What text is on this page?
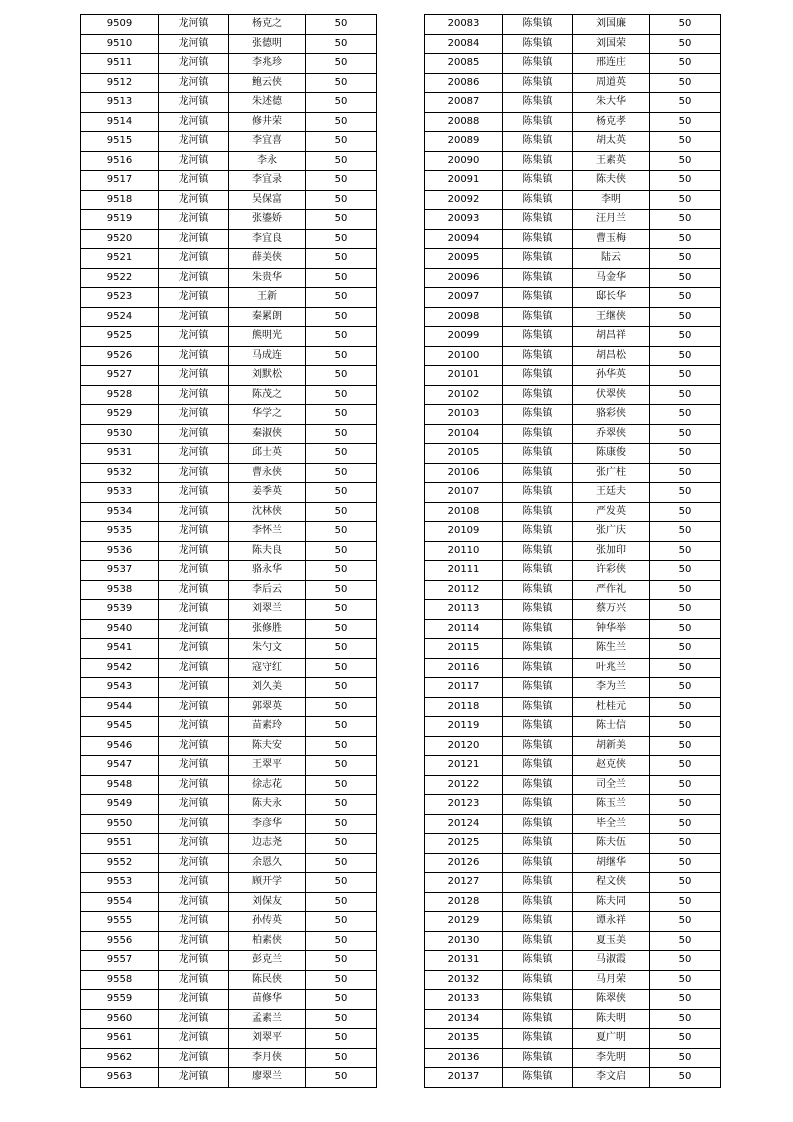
9509	龙河镇	杨克之	50
9510	龙河镇	张德明	50
9511	龙河镇	李兆珍	50
9512	龙河镇	鲍云侠	50
9513	龙河镇	朱述德	50
9514	龙河镇	修井荣	50
9515	龙河镇	李宜喜	50
9516	龙河镇	李永	50
9517	龙河镇	李宜录	50
9518	龙河镇	吴保富	50
9519	龙河镇	张鎏娇	50
9520	龙河镇	李宜良	50
9521	龙河镇	薛美侠	50
9522	龙河镇	朱贵华	50
9523	龙河镇	王新	50
9524	龙河镇	秦累朗	50
9525	龙河镇	熊明光	50
9526	龙河镇	马成连	50
9527	龙河镇	刘默松	50
9528	龙河镇	陈茂之	50
9529	龙河镇	华学之	50
9530	龙河镇	秦淑侠	50
9531	龙河镇	邱士英	50
9532	龙河镇	曹永侠	50
9533	龙河镇	姜季英	50
9534	龙河镇	沈林侠	50
9535	龙河镇	李怀兰	50
9536	龙河镇	陈夫良	50
9537	龙河镇	骆永华	50
9538	龙河镇	李后云	50
9539	龙河镇	刘翠兰	50
9540	龙河镇	张修胜	50
9541	龙河镇	朱勺文	50
9542	龙河镇	寇守红	50
9543	龙河镇	刘久美	50
9544	龙河镇	郭翠英	50
9545	龙河镇	苗素玲	50
9546	龙河镇	陈夫安	50
9547	龙河镇	王翠平	50
9548	龙河镇	徐志花	50
9549	龙河镇	陈夫永	50
9550	龙河镇	李彦华	50
9551	龙河镇	边志尧	50
9552	龙河镇	余恩久	50
9553	龙河镇	顾开学	50
9554	龙河镇	刘保友	50
9555	龙河镇	孙传英	50
9556	龙河镇	柏素侠	50
9557	龙河镇	彭克兰	50
9558	龙河镇	陈民侠	50
9559	龙河镇	苗修华	50
9560	龙河镇	孟素兰	50
9561	龙河镇	刘翠平	50
9562	龙河镇	李月侠	50
9563	龙河镇	廖翠兰	50
20083	陈集镇	刘国廉	50
20084	陈集镇	刘国荣	50
20085	陈集镇	邢连庄	50
20086	陈集镇	周道英	50
20087	陈集镇	朱大华	50
20088	陈集镇	杨克孝	50
20089	陈集镇	胡太英	50
20090	陈集镇	王素英	50
20091	陈集镇	陈夫侠	50
20092	陈集镇	李明	50
20093	陈集镇	汪月兰	50
20094	陈集镇	曹玉梅	50
20095	陈集镇	陆云	50
20096	陈集镇	马金华	50
20097	陈集镇	邸长华	50
20098	陈集镇	王继侠	50
20099	陈集镇	胡昌祥	50
20100	陈集镇	胡昌松	50
20101	陈集镇	孙华英	50
20102	陈集镇	伏翠侠	50
20103	陈集镇	骆彩侠	50
20104	陈集镇	乔翠侠	50
20105	陈集镇	陈康俊	50
20106	陈集镇	张广柱	50
20107	陈集镇	王廷夫	50
20108	陈集镇	严发英	50
20109	陈集镇	张广庆	50
20110	陈集镇	张加印	50
20111	陈集镇	许彩侠	50
20112	陈集镇	严作礼	50
20113	陈集镇	蔡万兴	50
20114	陈集镇	钟华举	50
20115	陈集镇	陈生兰	50
20116	陈集镇	叶兆兰	50
20117	陈集镇	李为兰	50
20118	陈集镇	杜桂元	50
20119	陈集镇	陈士信	50
20120	陈集镇	胡新美	50
20121	陈集镇	赵克侠	50
20122	陈集镇	司全兰	50
20123	陈集镇	陈玉兰	50
20124	陈集镇	毕全兰	50
20125	陈集镇	陈夫伍	50
20126	陈集镇	胡继华	50
20127	陈集镇	程文侠	50
20128	陈集镇	陈夫同	50
20129	陈集镇	谭永祥	50
20130	陈集镇	夏玉美	50
20131	陈集镇	马淑霞	50
20132	陈集镇	马月荣	50
20133	陈集镇	陈翠侠	50
20134	陈集镇	陈夫明	50
20135	陈集镇	夏广明	50
20136	陈集镇	李先明	50
20137	陈集镇	李文启	50
